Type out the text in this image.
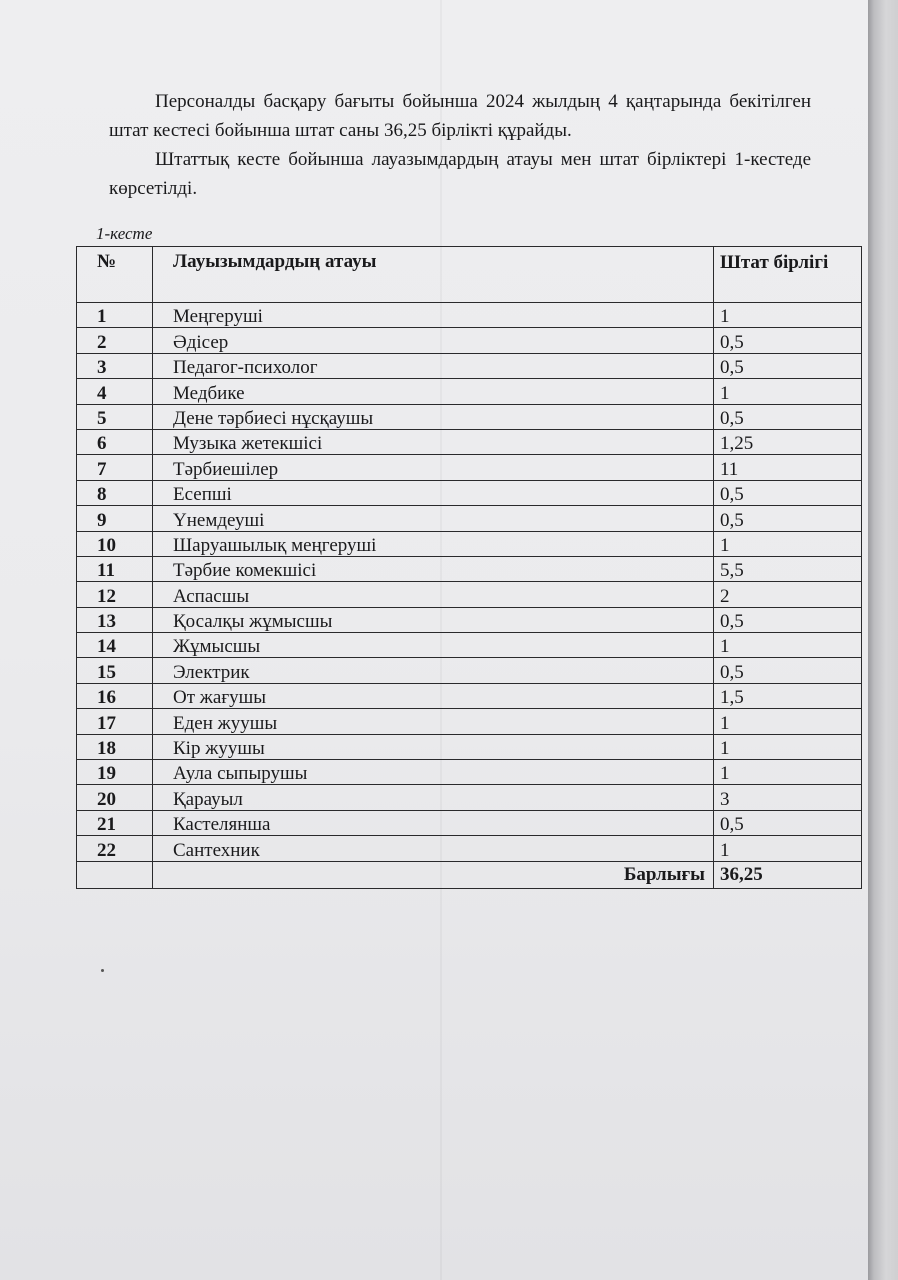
Персоналды басқару бағыты бойынша 2024 жылдың 4 қаңтарында бекітілген штат кестесі бойынша штат саны 36,25 бірлікті құрайды.

Штаттық кесте бойынша лауазымдардың атауы мен штат бірліктері 1-кестеде көрсетілді.

1-кесте
№	Лауызымдардың атауы	Штат бірлігі
1	Меңгеруші	1
2	Әдісер	0,5
3	Педагог-психолог	0,5
4	Медбике	1
5	Дене тәрбиесі нұсқаушы	0,5
6	Музыка жетекшісі	1,25
7	Тәрбиешілер	11
8	Есепші	0,5
9	Үнемдеуші	0,5
10	Шаруашылық меңгеруші	1
11	Тәрбие комекшісі	5,5
12	Аспасшы	2
13	Қосалқы жұмысшы	0,5
14	Жұмысшы	1
15	Электрик	0,5
16	От жағушы	1,5
17	Еден жуушы	1
18	Кір жуушы	1
19	Аула сыпырушы	1
20	Қарауыл	3
21	Кастелянша	0,5
22	Сантехник	1
	Барлығы	36,25
